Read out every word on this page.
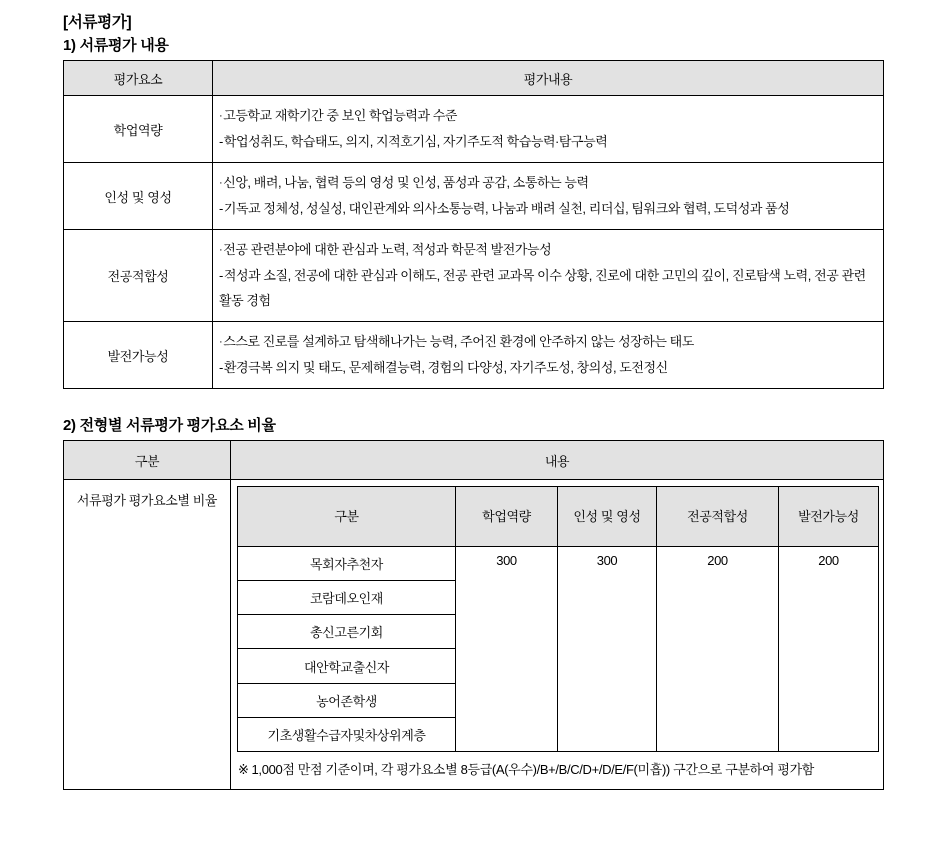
[서류평가]
1) 서류평가 내용
평가요소	평가내용
학업역량	·고등학교 재학기간 중 보인 학업능력과 수준
-학업성취도, 학습태도, 의지, 지적호기심, 자기주도적 학습능력·탐구능력

인성 및 영성	·신앙, 배려, 나눔, 협력 등의 영성 및 인성, 품성과 공감, 소통하는 능력
-기독교 정체성, 성실성, 대인관계와 의사소통능력, 나눔과 배려 실천, 리더십, 팀워크와 협력, 도덕성과 품성

전공적합성	·전공 관련분야에 대한 관심과 노력, 적성과 학문적 발전가능성
-적성과 소질, 전공에 대한 관심과 이해도, 전공 관련 교과목 이수 상황, 진로에 대한 고민의 깊이, 진로탐색 노력, 전공 관련 활동 경험

발전가능성	·스스로 진로를 설계하고 탐색해나가는 능력, 주어진 환경에 안주하지 않는 성장하는 태도
-환경극복 의지 및 태도, 문제해결능력, 경험의 다양성, 자기주도성, 창의성, 도전정신
2) 전형별 서류평가 평가요소 비율
구분	내용
서류평가 평가요소별 비율	
구분	학업역량	인성 및 영성	전공적합성	발전가능성
목회자추천자	300	300	200	200
코람데오인재
총신고른기회
대안학교출신자
농어존학생
기초생활수급자및차상위계층
※ 1,000점 만점 기준이며, 각 평가요소별 8등급(A(우수)/B+/B/C/D+/D/E/F(미흡)) 구간으로 구분하여 평가함
